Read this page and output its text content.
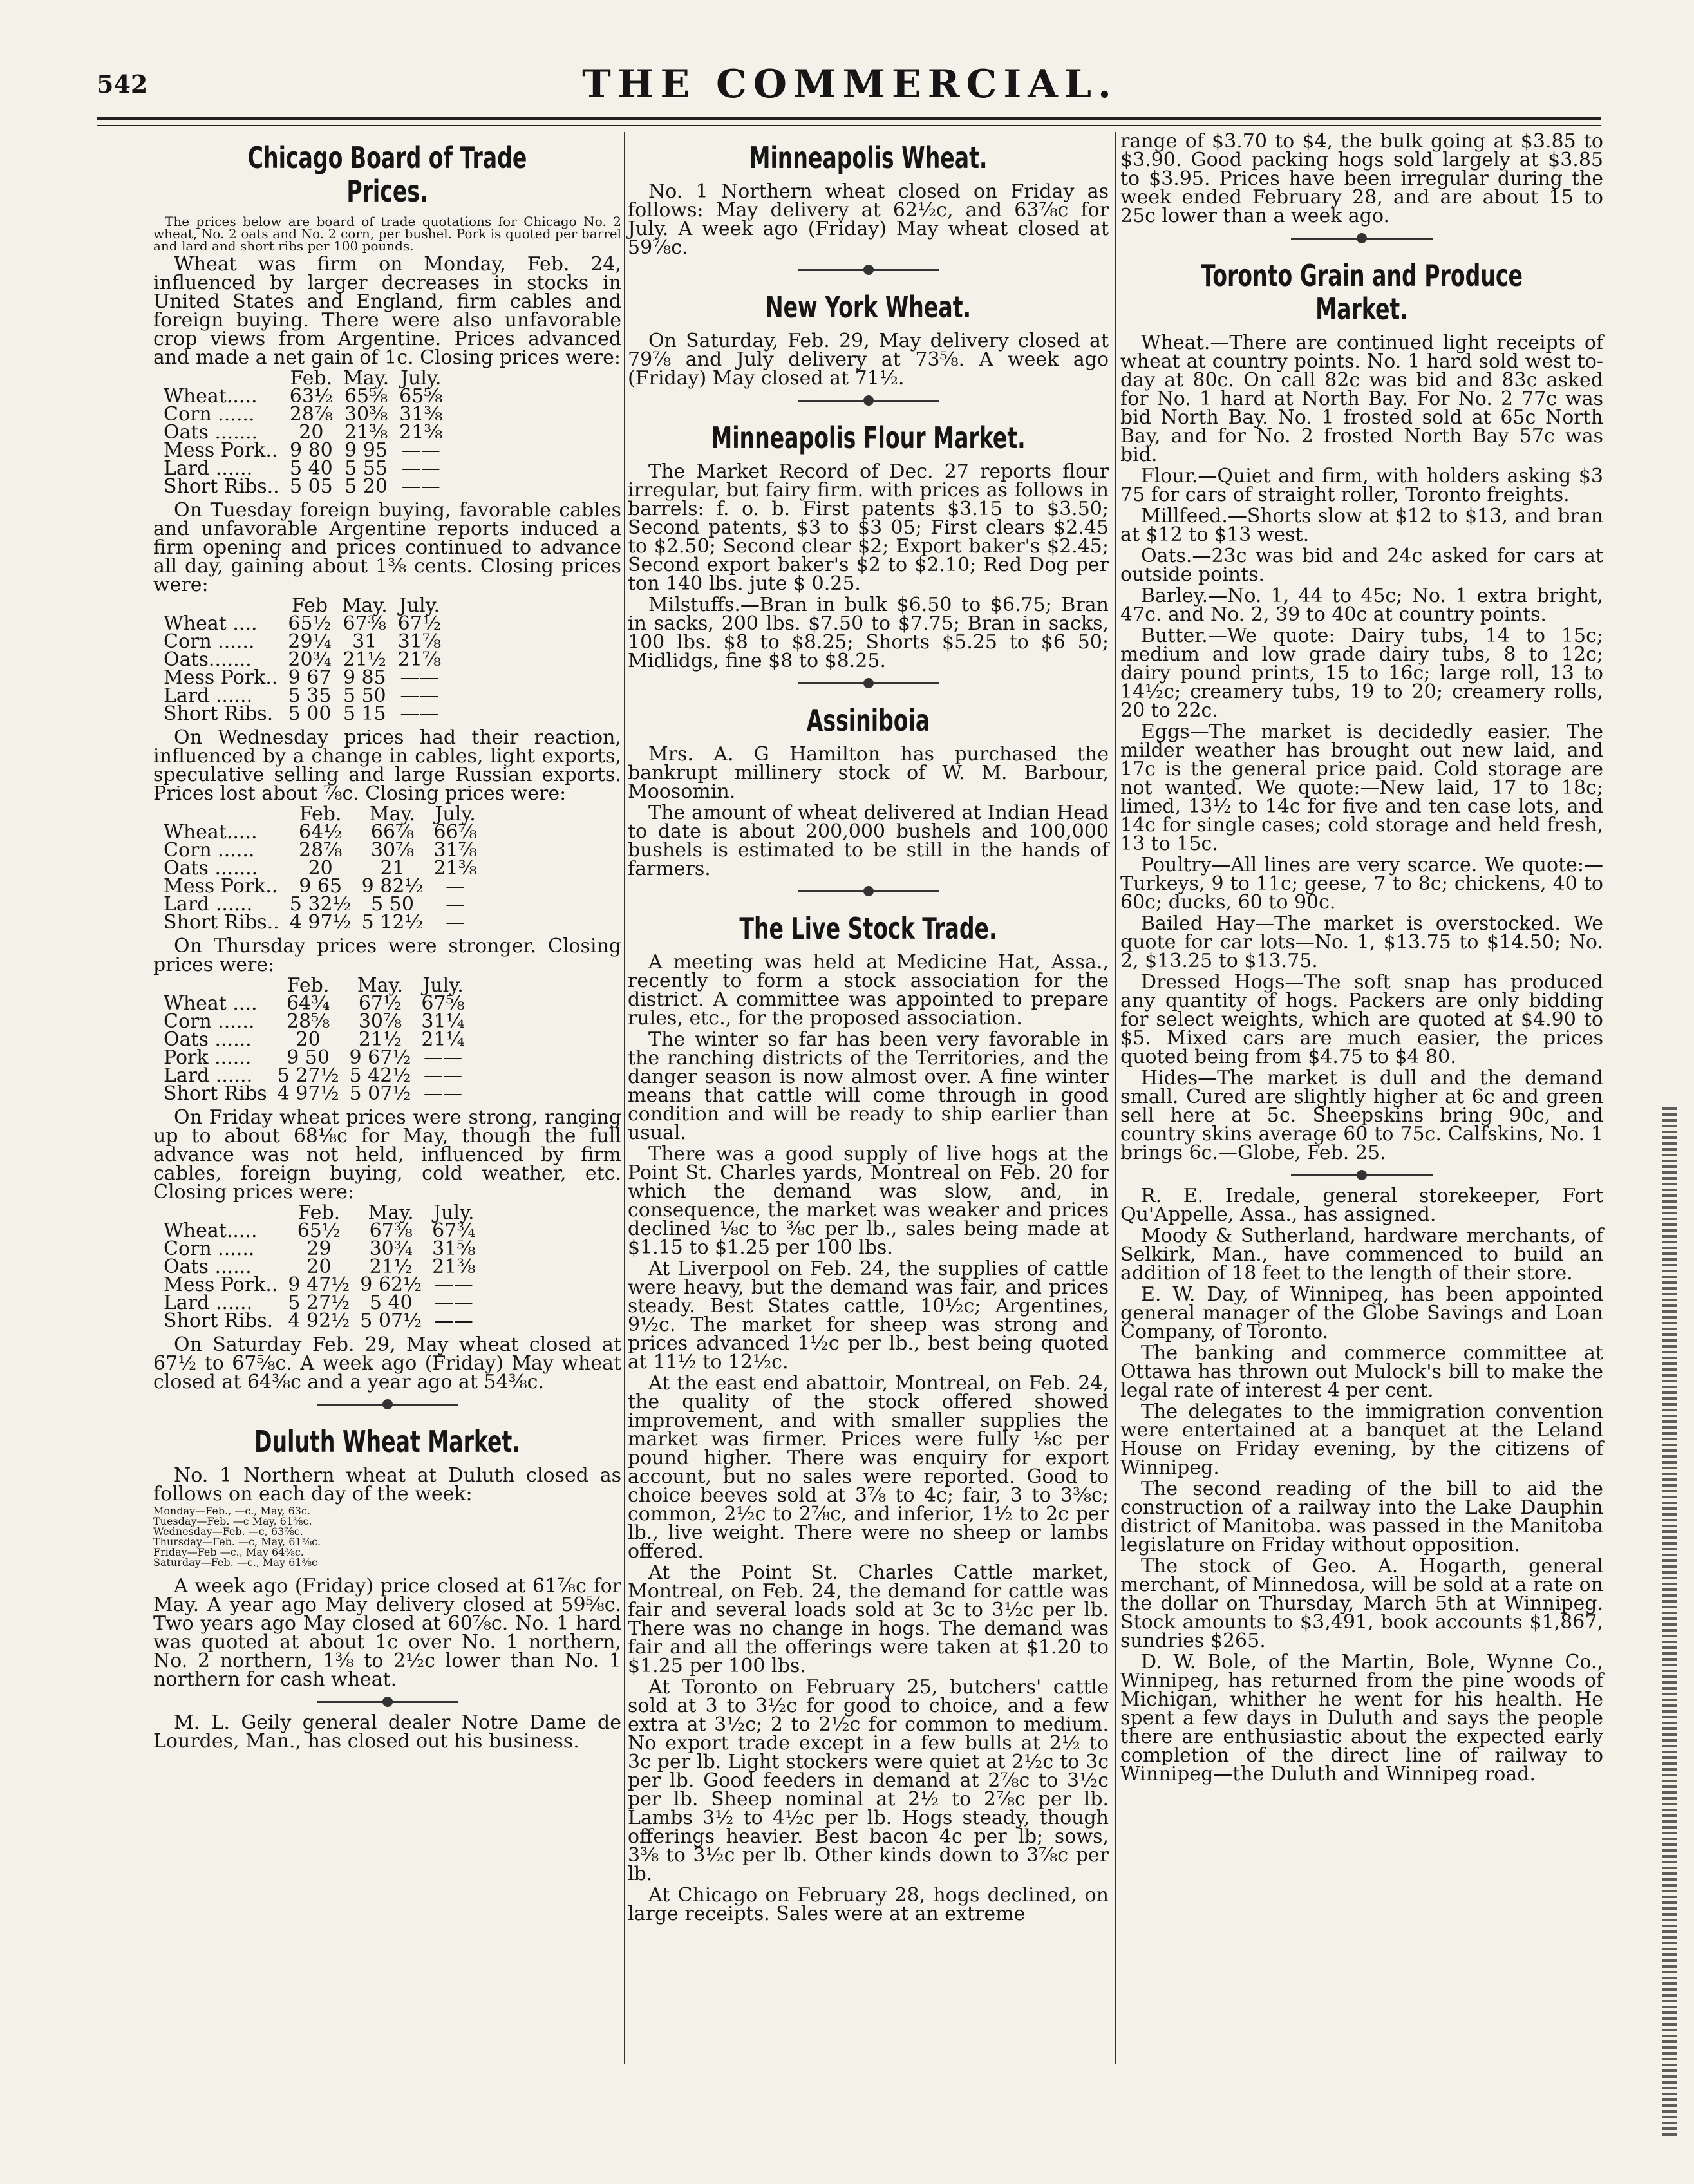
542	THE COMMERCIAL.
Chicago Board of Trade Prices.

The prices below are board of trade quotations for Chicago No. 2 wheat, No. 2 oats and No. 2 corn, per bushel. Pork is quoted per barrel and lard and short ribs per 100 pounds.

Wheat was firm on Monday, Feb. 24, influenced by larger decreases in stocks in United States and England, firm cables and foreign buying. There were also unfavorable crop views from Argentine. Prices advanced and made a net gain of 1c. Closing prices were:

	Feb.	May.	July.
Wheat.....	63½	65⅝	65⅝
Corn ......	28⅞	30⅜	31⅜
Oats .......	20	21⅜	21⅜
Mess Pork..	9 80	9 95	——
Lard ......	5 40	5 55	——
Short Ribs..	5 05	5 20	——

On Tuesday foreign buying, favorable cables and unfavorable Argentine reports induced a firm opening and prices continued to advance all day, gaining about 1⅜ cents. Closing prices were:

	Feb	May.	July.
Wheat ....	65½	67⅜	67½
Corn ......	29¼	31	31⅞
Oats.......	20¾	21½	21⅞
Mess Pork..	9 67	9 85	——
Lard ......	5 35	5 50	——
Short Ribs.	5 00	5 15	——

On Wednesday prices had their reaction, influenced by a change in cables, light exports, speculative selling and large Russian exports. Prices lost about ⅞c. Closing prices were:

	Feb.	May.	July.
Wheat.....	64½	66⅞	66⅞
Corn ......	28⅞	30⅞	31⅞
Oats .......	20	21	21⅜
Mess Pork..	9 65	9 82½	—
Lard ......	5 32½	5 50	—
Short Ribs..	4 97½	5 12½	—

On Thursday prices were stronger. Closing prices were:

	Feb.	May.	July.
Wheat ....	64¾	67½	67⅝
Corn ......	28⅝	30⅞	31¼
Oats ......	20	21½	21¼
Pork ......	9 50	9 67½	——
Lard ......	5 27½	5 42½	——
Short Ribs	4 97½	5 07½	——

On Friday wheat prices were strong, ranging up to about 68⅛c for May, though the full advance was not held, influenced by firm cables, foreign buying, cold weather, etc. Closing prices were:

	Feb.	May.	July.
Wheat.....	65½	67⅜	67¾
Corn ......	29	30¾	31⅝
Oats ......	20	21½	21⅜
Mess Pork..	9 47½	9 62½	——
Lard ......	5 27½	5 40	——
Short Ribs.	4 92½	5 07½	——

On Saturday Feb. 29, May wheat closed at 67½ to 67⅝c. A week ago (Friday) May wheat closed at 64⅜c and a year ago at 54⅜c.

Duluth Wheat Market.

No. 1 Northern wheat at Duluth closed as follows on each day of the week:

Monday—Feb., —c., May, 63c.
Tuesday—Feb. —c May, 61⅜c.
Wednesday—Feb. —c, 63⅞c.
Thursday—Feb. —c, May, 61⅜c.
Friday—Feb —c., May 64⅜c.
Saturday—Feb. —c., May 61⅜c

A week ago (Friday) price closed at 61⅞c for May. A year ago May delivery closed at 59⅝c. Two years ago May closed at 60⅞c. No. 1 hard was quoted at about 1c over No. 1 northern, No. 2 northern, 1⅜ to 2½c lower than No. 1 northern for cash wheat.

M. L. Geily general dealer Notre Dame de Lourdes, Man., has closed out his business.

Minneapolis Wheat.

No. 1 Northern wheat closed on Friday as follows: May delivery at 62½c, and 63⅞c for July. A week ago (Friday) May wheat closed at 59⅞c.

New York Wheat.

On Saturday, Feb. 29, May delivery closed at 79⅞ and July delivery at 73⅝. A week ago (Friday) May closed at 71½.

Minneapolis Flour Market.

The Market Record of Dec. 27 reports flour irregular, but fairy firm. with prices as follows in barrels: f. o. b. First patents $3.15 to $3.50; Second patents, $3 to $3 05; First clears $2.45 to $2.50; Second clear $2; Export baker's $2.45; Second export baker's $2 to $2.10; Red Dog per ton 140 lbs. jute $ 0.25.

Milstuffs.—Bran in bulk $6.50 to $6.75; Bran in sacks, 200 lbs. $7.50 to $7.75; Bran in sacks, 100 lbs. $8 to $8.25; Shorts $5.25 to $6 50; Midlidgs, fine $8 to $8.25.

Assiniboia

Mrs. A. G Hamilton has purchased the bankrupt millinery stock of W. M. Barbour, Moosomin.

The amount of wheat delivered at Indian Head to date is about 200,000 bushels and 100,000 bushels is estimated to be still in the hands of farmers.

The Live Stock Trade.

A meeting was held at Medicine Hat, Assa., recently to form a stock association for the district. A committee was appointed to prepare rules, etc., for the proposed association.

The winter so far has been very favorable in the ranching districts of the Territories, and the danger season is now almost over. A fine winter means that cattle will come through in good condition and will be ready to ship earlier than usual.

There was a good supply of live hogs at the Point St. Charles yards, Montreal on Feb. 20 for which the demand was slow, and, in consequence, the market was weaker and prices declined ⅛c to ⅜c per lb., sales being made at $1.15 to $1.25 per 100 lbs.

At Liverpool on Feb. 24, the supplies of cattle were heavy, but the demand was fair, and prices steady. Best States cattle, 10½c; Argentines, 9½c. The market for sheep was strong and prices advanced 1½c per lb., best being quoted at 11½ to 12½c.

At the east end abattoir, Montreal, on Feb. 24, the quality of the stock offered showed improvement, and with smaller supplies the market was firmer. Prices were fully ⅛c per pound higher. There was enquiry for export account, but no sales were reported. Good to choice beeves sold at 3⅞ to 4c; fair, 3 to 3⅜c; common, 2½c to 2⅞c, and inferior, 1½ to 2c per lb., live weight. There were no sheep or lambs offered.

At the Point St. Charles Cattle market, Montreal, on Feb. 24, the demand for cattle was fair and several loads sold at 3c to 3½c per lb. There was no change in hogs. The demand was fair and all the offerings were taken at $1.20 to $1.25 per 100 lbs.

At Toronto on February 25, butchers' cattle sold at 3 to 3½c for good to choice, and a few extra at 3½c; 2 to 2½c for common to medium. No export trade except in a few bulls at 2½ to 3c per lb. Light stockers were quiet at 2½c to 3c per lb. Good feeders in demand at 2⅞c to 3½c per lb. Sheep nominal at 2½ to 2⅞c per lb. Lambs 3½ to 4½c per lb. Hogs steady, though offerings heavier. Best bacon 4c per lb; sows, 3⅜ to 3½c per lb. Other kinds down to 3⅞c per lb.

At Chicago on February 28, hogs declined, on large receipts. Sales were at an extreme

range of $3.70 to $4, the bulk going at $3.85 to $3.90. Good packing hogs sold largely at $3.85 to $3.95. Prices have been irregular during the week ended February 28, and are about 15 to 25c lower than a week ago.

Toronto Grain and Produce Market.

Wheat.—There are continued light receipts of wheat at country points. No. 1 hard sold west to-day at 80c. On call 82c was bid and 83c asked for No. 1 hard at North Bay. For No. 2 77c was bid North Bay. No. 1 frosted sold at 65c North Bay, and for No. 2 frosted North Bay 57c was bid.

Flour.—Quiet and firm, with holders asking $3 75 for cars of straight roller, Toronto freights.

Millfeed.—Shorts slow at $12 to $13, and bran at $12 to $13 west.

Oats.—23c was bid and 24c asked for cars at outside points.

Barley.—No. 1, 44 to 45c; No. 1 extra bright, 47c. and No. 2, 39 to 40c at country points.

Butter.—We quote: Dairy tubs, 14 to 15c; medium and low grade dairy tubs, 8 to 12c; dairy pound prints, 15 to 16c; large roll, 13 to 14½c; creamery tubs, 19 to 20; creamery rolls, 20 to 22c.

Eggs—The market is decidedly easier. The milder weather has brought out new laid, and 17c is the general price paid. Cold storage are not wanted. We quote:—New laid, 17 to 18c; limed, 13½ to 14c for five and ten case lots, and 14c for single cases; cold storage and held fresh, 13 to 15c.

Poultry—All lines are very scarce. We quote:—Turkeys, 9 to 11c; geese, 7 to 8c; chickens, 40 to 60c; ducks, 60 to 90c.

Bailed Hay—The market is overstocked. We quote for car lots—No. 1, $13.75 to $14.50; No. 2, $13.25 to $13.75.

Dressed Hogs—The soft snap has produced any quantity of hogs. Packers are only bidding for select weights, which are quoted at $4.90 to $5. Mixed cars are much easier, the prices quoted being from $4.75 to $4 80.

Hides—The market is dull and the demand small. Cured are slightly higher at 6c and green sell here at 5c. Sheepskins bring 90c, and country skins average 60 to 75c. Calfskins, No. 1 brings 6c.—Globe, Feb. 25.

R. E. Iredale, general storekeeper, Fort Qu'Appelle, Assa., has assigned.

Moody & Sutherland, hardware merchants, of Selkirk, Man., have commenced to build an addition of 18 feet to the length of their store.

E. W. Day, of Winnipeg, has been appointed general manager of the Globe Savings and Loan Company, of Toronto.

The banking and commerce committee at Ottawa has thrown out Mulock's bill to make the legal rate of interest 4 per cent.

The delegates to the immigration convention were entertained at a banquet at the Leland House on Friday evening, by the citizens of Winnipeg.

The second reading of the bill to aid the construction of a railway into the Lake Dauphin district of Manitoba. was passed in the Manitoba legislature on Friday without opposition.

The stock of Geo. A. Hogarth, general merchant, of Minnedosa, will be sold at a rate on the dollar on Thursday, March 5th at Winnipeg. Stock amounts to $3,491, book accounts $1,867, sundries $265.

D. W. Bole, of the Martin, Bole, Wynne Co., Winnipeg, has returned from the pine woods of Michigan, whither he went for his health. He spent a few days in Duluth and says the people there are enthusiastic about the expected early completion of the direct line of railway to Winnipeg—the Duluth and Winnipeg road.
